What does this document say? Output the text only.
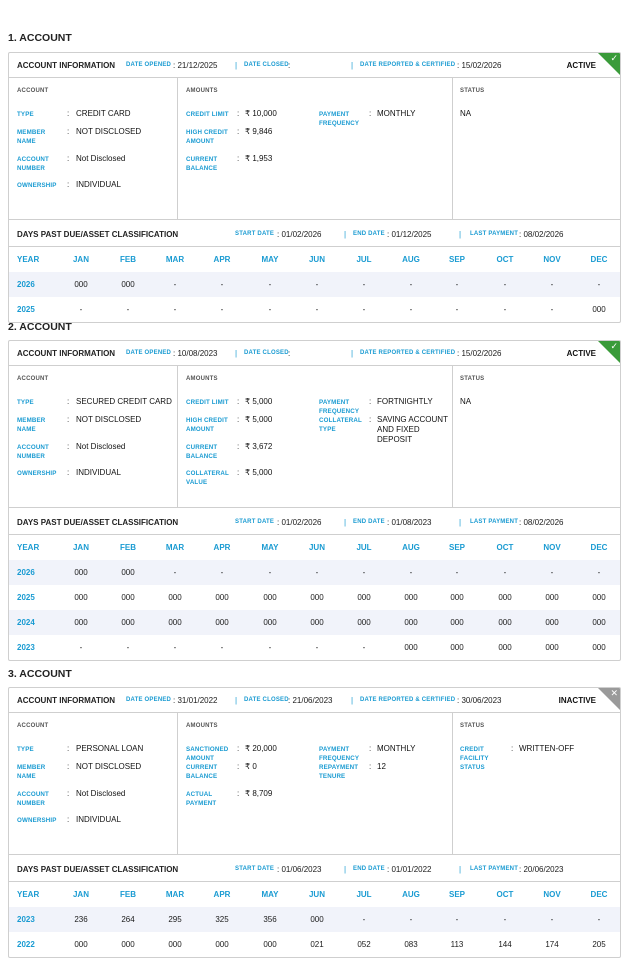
1. ACCOUNT
ACCOUNT INFORMATION DATE OPENED : 21/12/2025 | DATE CLOSED :	| DATE REPORTED & CERTIFIED : 15/02/2026	ACTIVE
✓
ACCOUNT	AMOUNTS	STATUS
TYPE	: CREDIT CARD
MEMBER NAME
: NOT DISCLOSED
ACCOUNT NUMBER
: Not Disclosed
OWNERSHIP	: INDIVIDUAL
CREDIT LIMIT	: ₹ 10,000
HIGH CREDIT AMOUNT
: ₹ 9,846
CURRENT BALANCE
: ₹ 1,953
PAYMENT FREQUENCY
: MONTHLY	NA
DAYS PAST DUE/ASSET CLASSIFICATION	START DATE : 01/02/2026	| END DATE : 01/12/2025	| LAST PAYMENT : 08/02/2026
YEAR	JAN	FEB	MAR	APR	MAY	JUN	JUL	AUG	SEP	OCT	NOV	DEC
2026	000	000	-	-	-	-	-	-	-	-	-	-
2025	-	-	-	-	-	-	-	-	-	-	-	000
2. ACCOUNT
ACCOUNT INFORMATION DATE OPENED : 10/08/2023 | DATE CLOSED :	| DATE REPORTED & CERTIFIED : 15/02/2026	ACTIVE
✓
ACCOUNT	AMOUNTS	STATUS
TYPE	: SECURED CREDIT CARD
MEMBER NAME
: NOT DISCLOSED
ACCOUNT NUMBER
: Not Disclosed
OWNERSHIP	: INDIVIDUAL
CREDIT LIMIT	: ₹ 5,000
HIGH CREDIT AMOUNT
: ₹ 5,000
CURRENT BALANCE
: ₹ 3,672
COLLATERAL VALUE
: ₹ 5,000
PAYMENT FREQUENCY
: FORTNIGHTLY
COLLATERAL TYPE
: SAVING ACCOUNT AND FIXED DEPOSIT
NA
DAYS PAST DUE/ASSET CLASSIFICATION	START DATE : 01/02/2026	| END DATE : 01/08/2023	| LAST PAYMENT : 08/02/2026
YEAR	JAN	FEB	MAR	APR	MAY	JUN	JUL	AUG	SEP	OCT	NOV	DEC
2026	000	000	-	-	-	-	-	-	-	-	-	-
2025	000	000	000	000	000	000	000	000	000	000	000	000
2024	000	000	000	000	000	000	000	000	000	000	000	000
2023	-	-	-	-	-	-	-	000	000	000	000	000
3. ACCOUNT
ACCOUNT INFORMATION DATE OPENED : 31/01/2022 | DATE CLOSED : 21/06/2023 | DATE REPORTED & CERTIFIED : 30/06/2023	INACTIVE
✕
ACCOUNT	AMOUNTS	STATUS
TYPE	: PERSONAL LOAN
MEMBER NAME
: NOT DISCLOSED
ACCOUNT NUMBER
: Not Disclosed
OWNERSHIP	: INDIVIDUAL
SANCTIONED AMOUNT
: ₹ 20,000
CURRENT BALANCE
: ₹ 0
ACTUAL PAYMENT
: ₹ 8,709
PAYMENT FREQUENCY
: MONTHLY
REPAYMENT TENURE
: 12
CREDIT FACILITY STATUS
: WRITTEN-OFF
DAYS PAST DUE/ASSET CLASSIFICATION	START DATE : 01/06/2023	| END DATE : 01/01/2022	| LAST PAYMENT : 20/06/2023
YEAR	JAN	FEB	MAR	APR	MAY	JUN	JUL	AUG	SEP	OCT	NOV	DEC
2023	236	264	295	325	356	000	-	-	-	-	-	-
2022	000	000	000	000	000	021	052	083	113	144	174	205
